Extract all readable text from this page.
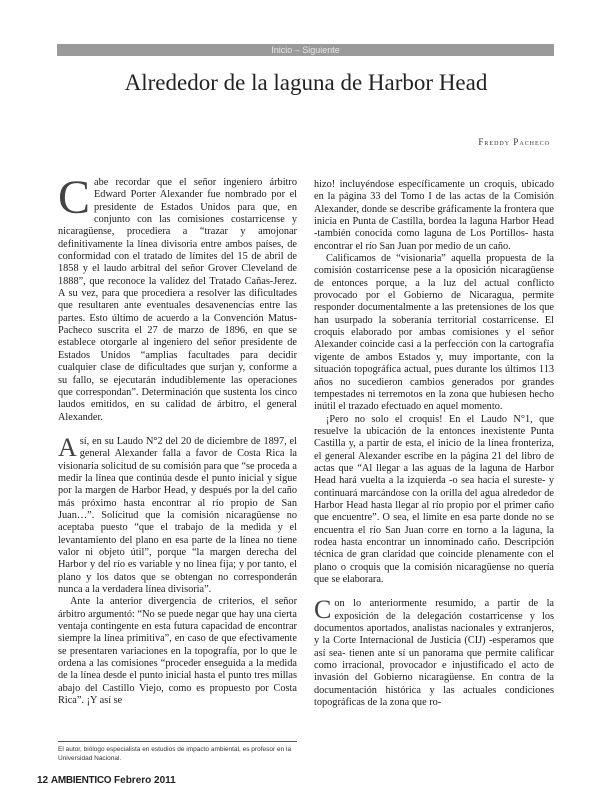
Inicio – Siguiente
Alrededor de la laguna de Harbor Head
Freddy Pacheco

Cabe recordar que el señor ingeniero árbitro Edward Porter Alexander fue nombrado por el presidente de Estados Unidos para que, en conjunto con las comisiones costarricense y nicaragüense, procediera a “trazar y amojonar definitivamente la línea divisoria entre ambos países, de conformidad con el tratado de límites del 15 de abril de 1858 y el laudo arbitral del señor Grover Cleveland de 1888”, que reconoce la validez del Tratado Cañas-Jerez. A su vez, para que procediera a resolver las dificultades que resultaren ante eventuales desavenencias entre las partes. Esto último de acuerdo a la Convención Matus-Pacheco suscrita el 27 de marzo de 1896, en que se establece otorgarle al ingeniero del señor presidente de Estados Unidos “amplias facultades para decidir cualquier clase de dificultades que surjan y, conforme a su fallo, se ejecutarán indudiblemente las operaciones que correspondan”. Determinación que sustenta los cinco laudos emitidos, en su calidad de árbitro, el general Alexander.

Así, en su Laudo N°2 del 20 de diciembre de 1897, el general Alexander falla a favor de Costa Rica la visionaria solicitud de su comisión para que “se proceda a medir la línea que continúa desde el punto inicial y sigue por la margen de Harbor Head, y después por la del caño más próximo hasta encontrar al río propio de San Juan…”. Solicitud que la comisión nicaragüense no aceptaba puesto “que el trabajo de la medida y el levantamiento del plano en esa parte de la línea no tiene valor ni objeto útil”, porque “la margen derecha del Harbor y del río es variable y no linea fija; y por tanto, el plano y los datos que se obtengan no corresponderán nunca a la verdadera línea divisoria”.

Ante la anterior divergencia de criterios, el señor árbitro argumentó: “No se puede negar que hay una cierta ventaja contingente en esta futura capacidad de encontrar siempre la línea primitiva”, en caso de que efectivamente se presentaren variaciones en la topografía, por lo que le ordena a las comisiones “proceder enseguida a la medida de la línea desde el punto inicial hasta el punto tres millas abajo del Castillo Viejo, como es propuesto por Costa Rica”. ¡Y así se

hizo! incluyéndose específicamente un croquis, ubicado en la página 33 del Tomo I de las actas de la Comisión Alexander, donde se describe gráficamente la frontera que inicia en Punta de Castilla, bordea la laguna Harbor Head -también conocida como laguna de Los Portillos- hasta encontrar el río San Juan por medio de un caño.

Calificamos de “visionaria” aquella propuesta de la comisión costarricense pese a la oposición nicaragüense de entonces porque, a la luz del actual conflicto provocado por el Gobierno de Nicaragua, permite responder documentalmente a las pretensiones de los que han usurpado la soberanía territorial costarricense. El croquis elaborado por ambas comisiones y el señor Alexander coincide casi a la perfección con la cartografía vigente de ambos Estados y, muy importante, con la situación topográfica actual, pues durante los últimos 113 años no sucedieron cambios generados por grandes tempestades ni terremotos en la zona que hubiesen hecho inútil el trazado efectuado en aquel momento.

¡Pero no solo el croquis! En el Laudo N°1, que resuelve la ubicación de la entonces inexistente Punta Castilla y, a partir de esta, el inicio de la línea fronteriza, el general Alexander escribe en la página 21 del libro de actas que “Al llegar a las aguas de la laguna de Harbor Head hará vuelta a la izquierda -o sea hacia el sureste- y continuará marcándose con la orilla del agua alrededor de Harbor Head hasta llegar al río propio por el primer caño que encuentre”. O sea, el límite en esa parte donde no se encuentra el río San Juan corre en torno a la laguna, la rodea hasta encontrar un innominado caño. Descripción técnica de gran claridad que coincide plenamente con el plano o croquis que la comisión nicaragüense no quería que se elaborara.

Con lo anteriormente resumido, a partir de la exposición de la delegación costarricense y los documentos aportados, analistas nacionales y extranjeros, y la Corte Internacional de Justicia (CIJ) -esperamos que así sea- tienen ante sí un panorama que permite calificar como irracional, provocador e injustificado el acto de invasión del Gobierno nicaragüense. En contra de la documentación histórica y las actuales condiciones topográficas de la zona que ro-

El autor, biólogo especialista en estudios de impacto ambiental, es profesor en la Universidad Nacional.
12 AMBIENTICO Febrero 2011
